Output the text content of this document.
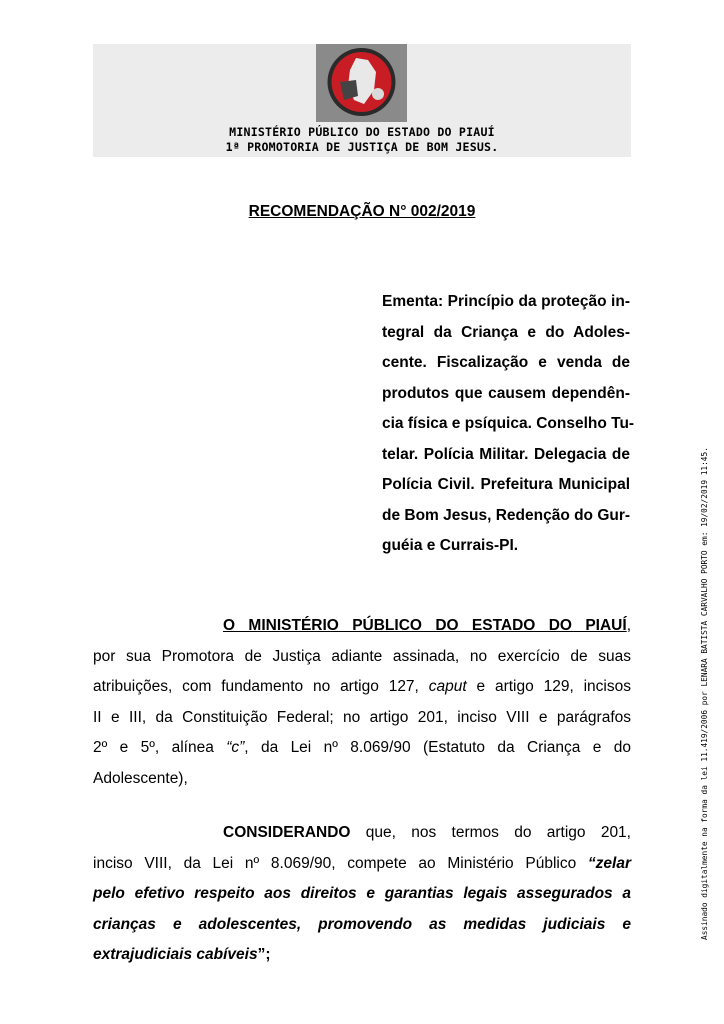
MINISTÉRIO PÚBLICO DO ESTADO DO PIAUÍ
1ª PROMOTORIA DE JUSTIÇA DE BOM JESUS.
RECOMENDAÇÃO N° 002/2019
Ementa: Princípio da proteção in-
tegral da Criança e do Adoles-
cente. Fiscalização e venda de
produtos que causem dependên-
cia física e psíquica. Conselho Tu-
telar. Polícia Militar. Delegacia de
Polícia Civil. Prefeitura Municipal
de Bom Jesus, Redenção do Gur-
guéia e Currais-PI.
O MINISTÉRIO PÚBLICO DO ESTADO DO PIAUÍ,
por sua Promotora de Justiça adiante assinada, no exercício de suas
atribuições, com fundamento no artigo 127, caput e artigo 129, incisos
II e III, da Constituição Federal; no artigo 201, inciso VIII e parágrafos
2º e 5º, alínea “c”, da Lei nº 8.069/90 (Estatuto da Criança e do
Adolescente),
CONSIDERANDO que, nos termos do artigo 201,
inciso VIII, da Lei nº 8.069/90, compete ao Ministério Público “zelar
pelo efetivo respeito aos direitos e garantias legais assegurados a
crianças e adolescentes, promovendo as medidas judiciais e
extrajudiciais cabíveis”;
Assinado digitalmente na forma da lei 11.419/2006 por LENARA BATISTA CARVALHO PORTO em: 19/02/2019 11:45.
